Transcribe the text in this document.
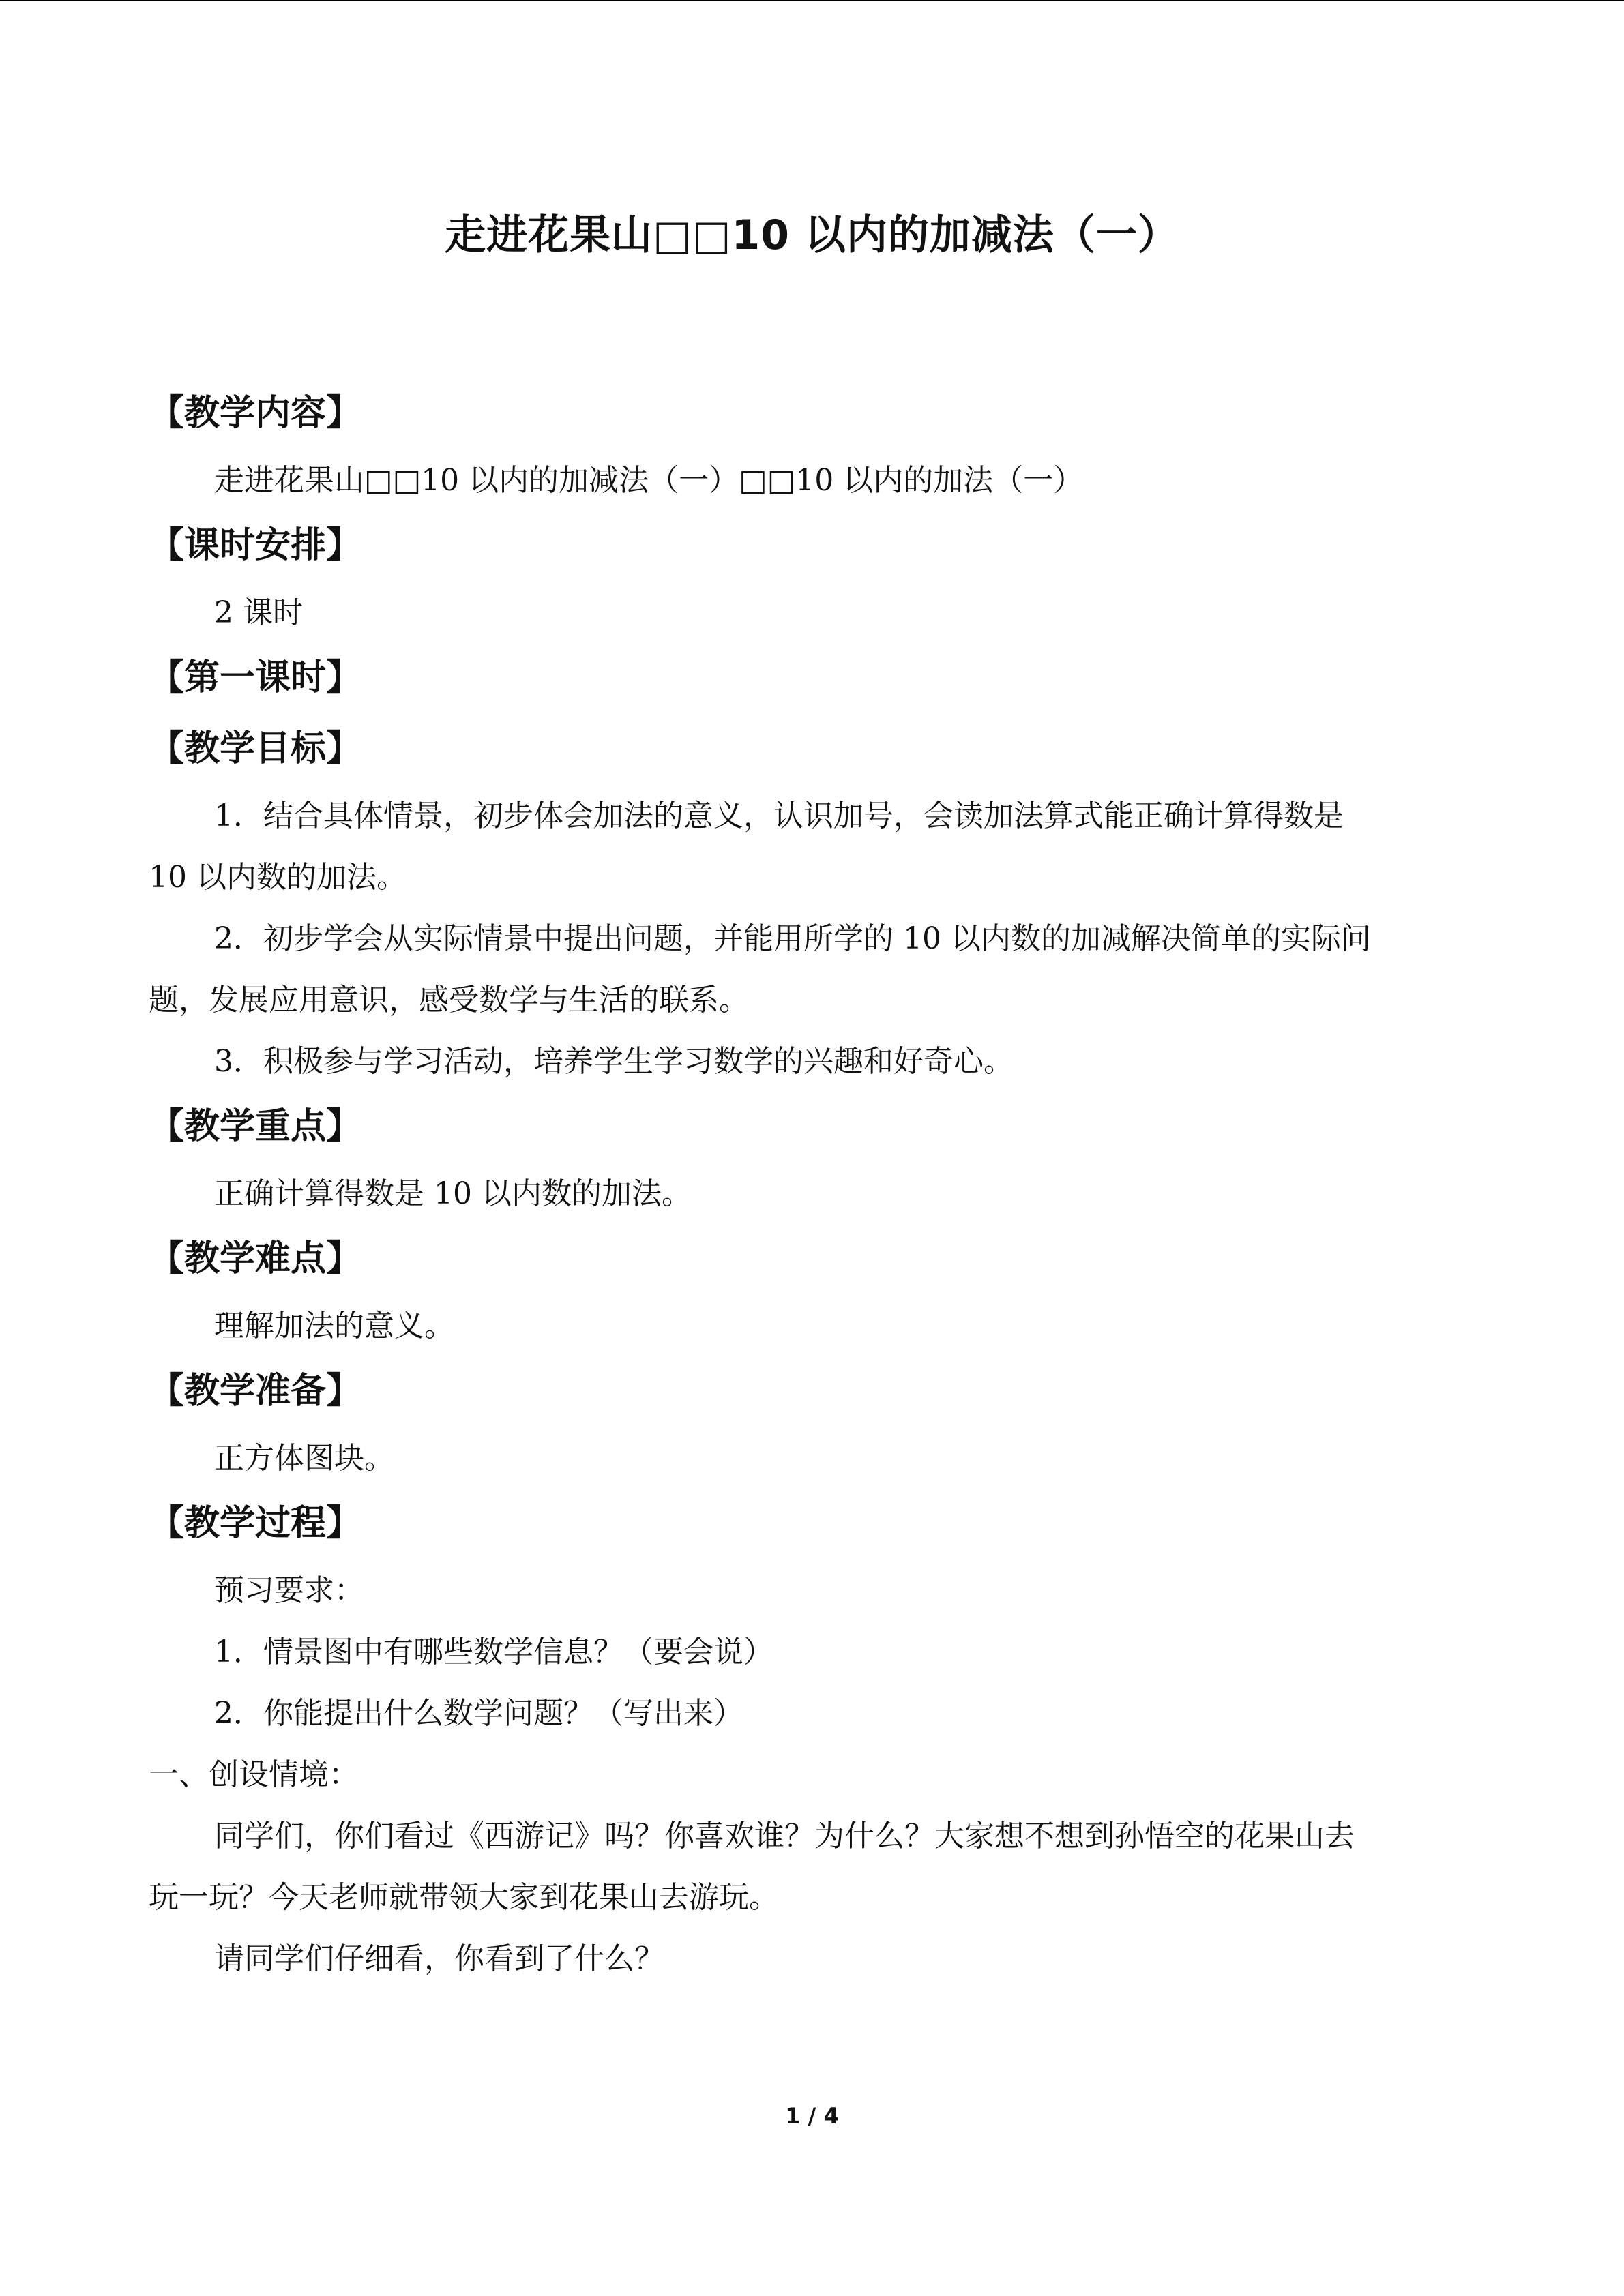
走进花果山□□10 以内的加减法（一）

【教学内容】

走进花果山□□10 以内的加减法（一）□□10 以内的加法（一）

【课时安排】

2 课时

【第一课时】

【教学目标】

1．结合具体情景，初步体会加法的意义，认识加号，会读加法算式能正确计算得数是

10 以内数的加法。

2．初步学会从实际情景中提出问题，并能用所学的 10 以内数的加减解决简单的实际问

题，发展应用意识，感受数学与生活的联系。

3．积极参与学习活动，培养学生学习数学的兴趣和好奇心。

【教学重点】

正确计算得数是 10 以内数的加法。

【教学难点】

理解加法的意义。

【教学准备】

正方体图块。

【教学过程】

预习要求：

1．情景图中有哪些数学信息？（要会说）

2．你能提出什么数学问题？（写出来）

一、创设情境：

同学们，你们看过《西游记》吗？你喜欢谁？为什么？大家想不想到孙悟空的花果山去

玩一玩？今天老师就带领大家到花果山去游玩。

请同学们仔细看，你看到了什么？

1 / 4
